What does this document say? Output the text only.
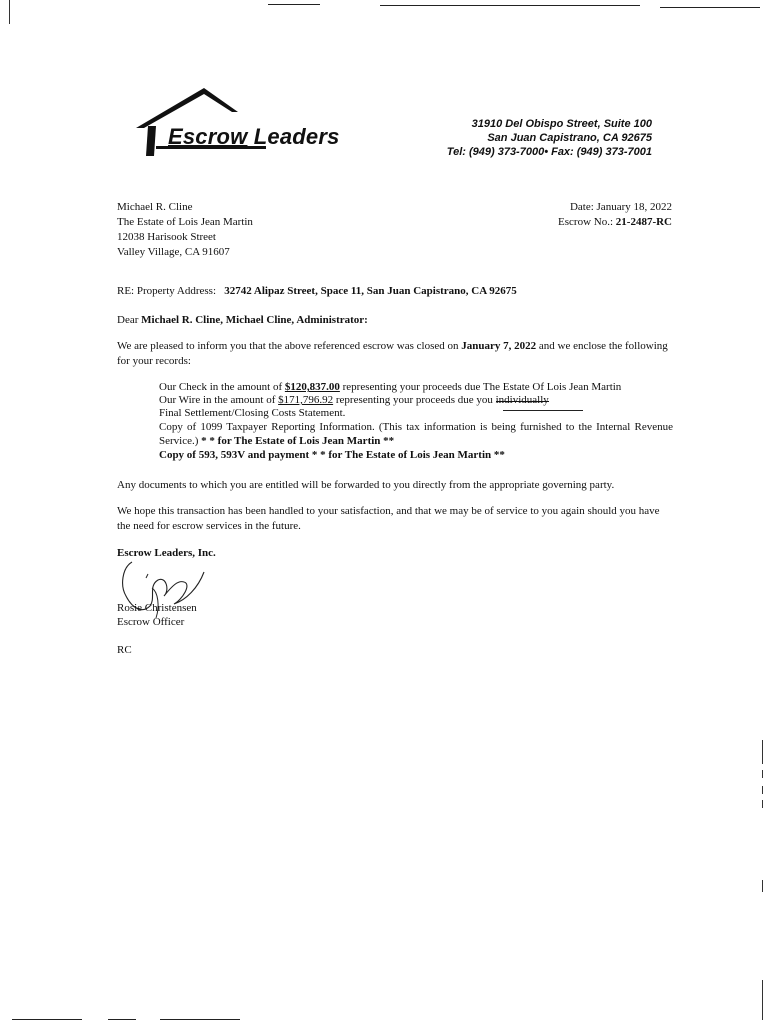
Escrow Leaders	31910 Del Obispo Street, Suite 100
San Juan Capistrano, CA 92675
Tel: (949) 373-7000• Fax: (949) 373-7001
Michael R. Cline
The Estate of Lois Jean Martin
12038 Harisook Street
Valley Village, CA 91607
Date: January 18, 2022
Escrow No.: 21-2487-RC
RE: Property Address: 32742 Alipaz Street, Space 11, San Juan Capistrano, CA 92675
Dear Michael R. Cline, Michael Cline, Administrator:
We are pleased to inform you that the above referenced escrow was closed on January 7, 2022 and we enclose the following for your records:
Our Check in the amount of $120,837.00 representing your proceeds due The Estate Of Lois Jean Martin
Our Wire in the amount of $171,796.92 representing your proceeds due you individually
Final Settlement/Closing Costs Statement.
Copy of 1099 Taxpayer Reporting Information. (This tax information is being furnished to the Internal Revenue Service.) * * for The Estate of Lois Jean Martin **
Copy of 593, 593V and payment * * for The Estate of Lois Jean Martin **
Any documents to which you are entitled will be forwarded to you directly from the appropriate governing party.
We hope this transaction has been handled to your satisfaction, and that we may be of service to you again should you have the need for escrow services in the future.
Escrow Leaders, Inc.
Rosie Christensen
Escrow Officer
RC
